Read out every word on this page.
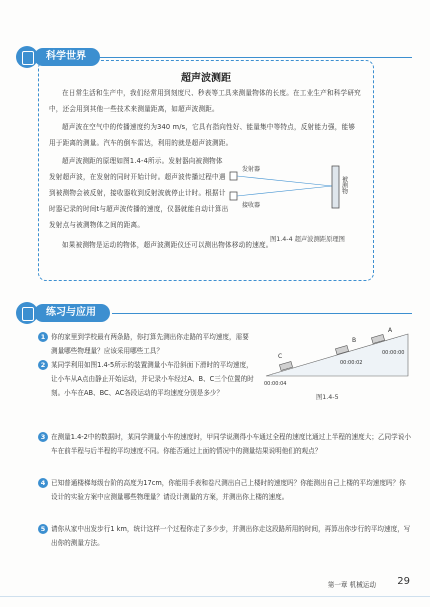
科学世界
超声波测距
在日常生活和生产中，我们经常用到刻度尺、秒表等工具来测量物体的长度。在工业生产和科学研究中，还会用到其他一些技术来测量距离，如超声波测距。
超声波在空气中的传播速度约为340 m/s，它具有指向性好、能量集中等特点，反射能力强，能够用于距离的测量。汽车的倒车雷达，利用的就是超声波测距。
超声波测距的原理如图1.4-4所示。发射器向被测物体发射超声波，在发射的同时开始计时。超声波传播过程中遇到被测物会被反射，接收器收到反射波就停止计时。根据计时器记录的时间t与超声波传播的速度，仪器就能自动计算出发射点与被测物体之间的距离。
如果被测物是运动的物体，超声波测距仪还可以测出物体移动的速度。
发射器
接收器
被测物
图1.4-4 超声波测距原理图
练习与应用
1 你的家里到学校最有两条路，你打算先测出你走路的平均速度，需要测量哪些物理量？应该采用哪些工具？
2 某同学利用如图1.4-5所示的装置测量小车沿斜面下滑时的平均速度，让小车从A点由静止开始运动，并记录小车经过A、B、C三个位置的时刻。小车在AB、BC、AC各段运动的平均速度分别是多少？
3 在测量1.4-2中的数据时，某同学测量小车的速度时，甲同学说测得小车通过全程的速度比通过上半程的速度大；乙同学说小车在前半程与后半程的平均速度不同。你能否通过上面的情况中的测量结果说明他们的观点？
4 已知普通楼梯每级台阶的高度为17cm，你能用手表和卷尺测出自己上楼时的速度吗？你能测出自己上楼的平均速度吗？你设计的实验方案中应测量哪些物理量？请设计测量的方案，并测出你上楼的速度。
5 请你从家中出发步行1 km，统计这样一个过程你走了多少步，并测出你走这段路所用的时间，再算出你步行的平均速度，写出你的测量方法。
A
B
C	00:00:00
00:00:02
00:00:04
图1.4-5
第一章 机械运动 29
